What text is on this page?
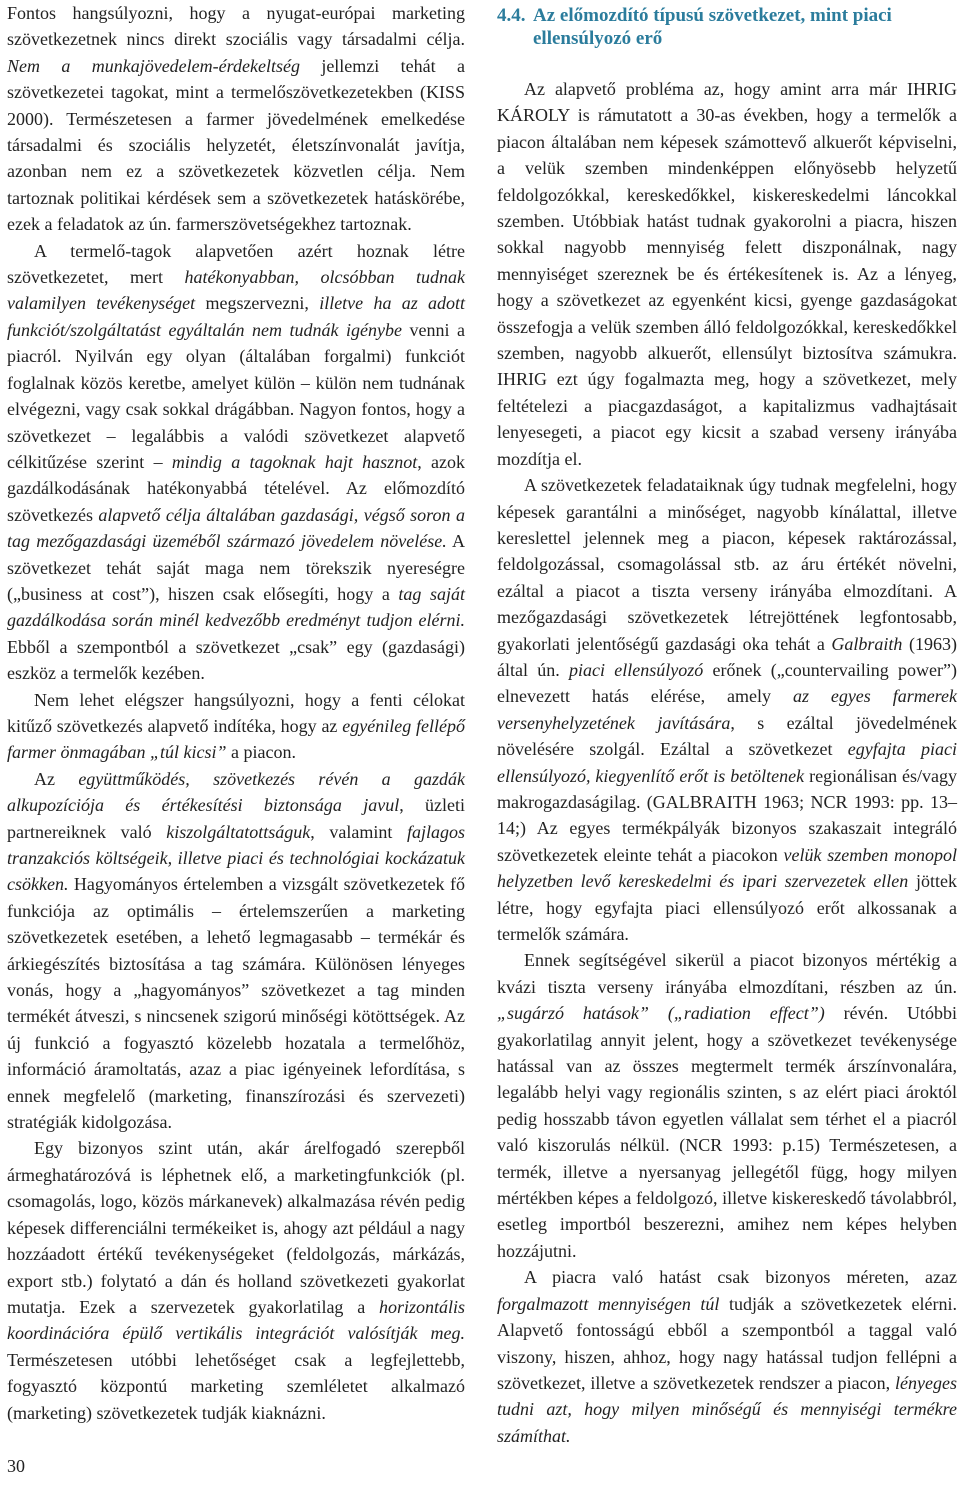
Fontos hangsúlyozni, hogy a nyugat-európai marketing szövetkezetnek nincs direkt szociális vagy társadalmi célja. Nem a munkajövedelem-érdekeltség jellemzi tehát a szövetkezetei tagokat, mint a termelőszövetkezetekben (KISS 2000). Természetesen a farmer jövedelmének emelkedése társadalmi és szociális helyzetét, életszínvonalát javítja, azonban nem ez a szövetkezetek közvetlen célja. Nem tartoznak politikai kérdések sem a szövetkezetek hatáskörébe, ezek a feladatok az ún. farmerszövetségekhez tartoznak.

A termelő-tagok alapvetően azért hoznak létre szövetkezetet, mert hatékonyabban, olcsóbban tudnak valamilyen tevékenységet megszervezni, illetve ha az adott funkciót/szolgáltatást egyáltalán nem tudnák igénybe venni a piacról. Nyilván egy olyan (általában forgalmi) funkciót foglalnak közös keretbe, amelyet külön – külön nem tudnának elvégezni, vagy csak sokkal drágábban. Nagyon fontos, hogy a szövetkezet – legalábbis a valódi szövetkezet alapvető célkitűzése szerint – mindig a tagoknak hajt hasznot, azok gazdálkodásának hatékonyabbá tételével. Az előmozdító szövetkezés alapvető célja általában gazdasági, végső soron a tag mezőgazdasági üzeméből származó jövedelem növelése. A szövetkezet tehát saját maga nem törekszik nyereségre („business at cost”), hiszen csak elősegíti, hogy a tag saját gazdálkodása során minél kedvezőbb eredményt tudjon elérni. Ebből a szempontból a szövetkezet „csak” egy (gazdasági) eszköz a termelők kezében.

Nem lehet elégszer hangsúlyozni, hogy a fenti célokat kitűző szövetkezés alapvető indítéka, hogy az egyénileg fellépő farmer önmagában „túl kicsi” a piacon.

Az együttműködés, szövetkezés révén a gazdák alkupozíciója és értékesítési biztonsága javul, üzleti partnereiknek való kiszolgáltatottságuk, valamint fajlagos tranzakciós költségeik, illetve piaci és technológiai kockázatuk csökken. Hagyományos értelemben a vizsgált szövetkezetek fő funkciója az optimális – értelemszerűen a marketing szövetkezetek esetében, a lehető legmagasabb – termékár és árkiegészítés biztosítása a tag számára. Különösen lényeges vonás, hogy a „hagyományos” szövetkezet a tag minden termékét átveszi, s nincsenek szigorú minőségi kötöttségek. Az új funkció a fogyasztó közelebb hozatala a termelőhöz, információ áramoltatás, azaz a piac igényeinek lefordítása, s ennek megfelelő (marketing, finanszírozási és szervezeti) stratégiák kidolgozása.

Egy bizonyos szint után, akár árelfogadó szerepből ármeghatározóvá is léphetnek elő, a marketingfunkciók (pl. csomagolás, logo, közös márkanevek) alkalmazása révén pedig képesek differenciálni termékeiket is, ahogy azt például a nagy hozzáadott értékű tevékenységeket (feldolgozás, márkázás, export stb.) folytató a dán és holland szövetkezeti gyakorlat mutatja. Ezek a szervezetek gyakorlatilag a horizontális koordinációra épülő vertikális integrációt valósítják meg. Természetesen utóbbi lehetőséget csak a legfejlettebb, fogyasztó központú marketing szemléletet alkalmazó (marketing) szövetkezetek tudják kiaknázni.

4.4. Az előmozdító típusú szövetkezet, mint piaci ellensúlyozó erő

Az alapvető probléma az, hogy amint arra már IHRIG KÁROLY is rámutatott a 30-as években, hogy a termelők a piacon általában nem képesek számottevő alkuerőt képviselni, a velük szemben mindenképpen előnyösebb helyzetű feldolgozókkal, kereskedőkkel, kiskereskedelmi láncokkal szemben. Utóbbiak hatást tudnak gyakorolni a piacra, hiszen sokkal nagyobb mennyiség felett diszponálnak, nagy mennyiséget szereznek be és értékesítenek is. Az a lényeg, hogy a szövetkezet az egyenként kicsi, gyenge gazdaságokat összefogja a velük szemben álló feldolgozókkal, kereskedőkkel szemben, nagyobb alkuerőt, ellensúlyt biztosítva számukra. IHRIG ezt úgy fogalmazta meg, hogy a szövetkezet, mely feltételezi a piacgazdaságot, a kapitalizmus vadhajtásait lenyesegeti, a piacot egy kicsit a szabad verseny irányába mozdítja el.

A szövetkezetek feladataiknak úgy tudnak megfelelni, hogy képesek garantálni a minőséget, nagyobb kínálattal, illetve kereslettel jelennek meg a piacon, képesek raktározással, feldolgozással, csomagolással stb. az áru értékét növelni, ezáltal a piacot a tiszta verseny irányába elmozdítani. A mezőgazdasági szövetkezetek létrejöttének legfontosabb, gyakorlati jelentőségű gazdasági oka tehát a Galbraith (1963) által ún. piaci ellensúlyozó erőnek („countervailing power”) elnevezett hatás elérése, amely az egyes farmerek versenyhelyzetének javítására, s ezáltal jövedelmének növelésére szolgál. Ezáltal a szövetkezet egyfajta piaci ellensúlyozó, kiegyenlítő erőt is betöltenek regionálisan és/vagy makrogazdaságilag. (GALBRAITH 1963; NCR 1993: pp. 13–14;) Az egyes termékpályák bizonyos szakaszait integráló szövetkezetek eleinte tehát a piacokon velük szemben monopol helyzetben levő kereskedelmi és ipari szervezetek ellen jöttek létre, hogy egyfajta piaci ellensúlyozó erőt alkossanak a termelők számára.

Ennek segítségével sikerül a piacot bizonyos mértékig a kvázi tiszta verseny irányába elmozdítani, részben az ún. „sugárzó hatások” („radiation effect”) révén. Utóbbi gyakorlatilag annyit jelent, hogy a szövetkezet tevékenysége hatással van az összes megtermelt termék árszínvonalára, legalább helyi vagy regionális szinten, s az elért piaci ároktól pedig hosszabb távon egyetlen vállalat sem térhet el a piacról való kiszorulás nélkül. (NCR 1993: p.15) Természetesen, a termék, illetve a nyersanyag jellegétől függ, hogy milyen mértékben képes a feldolgozó, illetve kiskereskedő távolabbról, esetleg importból beszerezni, amihez nem képes helyben hozzájutni.

A piacra való hatást csak bizonyos méreten, azaz forgalmazott mennyiségen túl tudják a szövetkezetek elérni. Alapvető fontosságú ebből a szempontból a taggal való viszony, hiszen, ahhoz, hogy nagy hatással tudjon fellépni a szövetkezet, illetve a szövetkezetek rendszer a piacon, lényeges tudni azt, hogy milyen minőségű és mennyiségi termékre számíthat.

30
